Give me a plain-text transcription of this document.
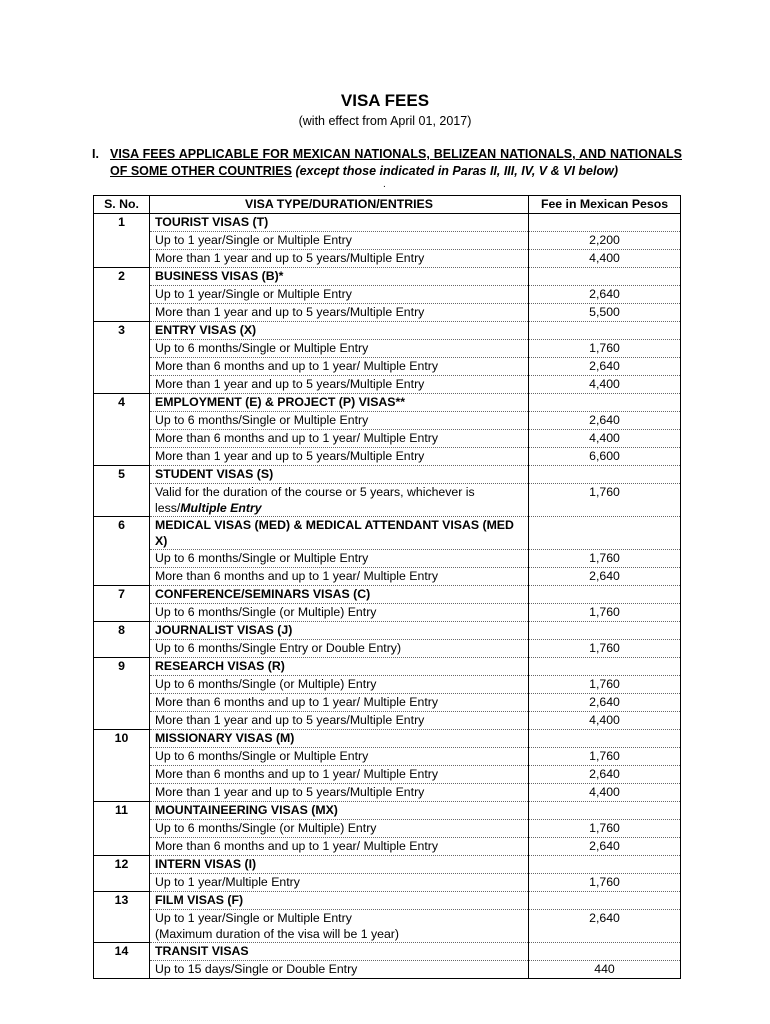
VISA FEES
(with effect from April 01, 2017)
I. VISA FEES APPLICABLE FOR MEXICAN NATIONALS, BELIZEAN NATIONALS, AND NATIONALS OF SOME OTHER COUNTRIES (except those indicated in Paras II, III, IV, V & VI below)
.
S. No.	VISA TYPE/DURATION/ENTRIES	Fee in Mexican Pesos
1	TOURIST VISAS (T)	
	Up to 1 year/Single or Multiple Entry	2,200
	More than 1 year and up to 5 years/Multiple Entry	4,400
2	BUSINESS VISAS (B)*	
	Up to 1 year/Single or Multiple Entry	2,640
	More than 1 year and up to 5 years/Multiple Entry	5,500
3	ENTRY VISAS (X)	
	Up to 6 months/Single or Multiple Entry	1,760
	More than 6 months and up to 1 year/ Multiple Entry	2,640
	More than 1 year and up to 5 years/Multiple Entry	4,400
4	EMPLOYMENT (E) & PROJECT (P) VISAS**	
	Up to 6 months/Single or Multiple Entry	2,640
	More than 6 months and up to 1 year/ Multiple Entry	4,400
	More than 1 year and up to 5 years/Multiple Entry	6,600
5	STUDENT VISAS (S)	

	Valid for the duration of the course or 5 years, whichever is
less/Multiple Entry	1,760
6	MEDICAL VISAS (MED) & MEDICAL ATTENDANT VISAS (MED X)	
	Up to 6 months/Single or Multiple Entry	1,760
	More than 6 months and up to 1 year/ Multiple Entry	2,640
7	CONFERENCE/SEMINARS VISAS (C)	
	Up to 6 months/Single (or Multiple) Entry	1,760
8	JOURNALIST VISAS (J)	
	Up to 6 months/Single Entry or Double Entry)	1,760
9	RESEARCH VISAS (R)	
	Up to 6 months/Single (or Multiple) Entry	1,760
	More than 6 months and up to 1 year/ Multiple Entry	2,640
	More than 1 year and up to 5 years/Multiple Entry	4,400
10	MISSIONARY VISAS (M)	
	Up to 6 months/Single or Multiple Entry	1,760
	More than 6 months and up to 1 year/ Multiple Entry	2,640
	More than 1 year and up to 5 years/Multiple Entry	4,400
11	MOUNTAINEERING VISAS (MX)	
	Up to 6 months/Single (or Multiple) Entry	1,760
	More than 6 months and up to 1 year/ Multiple Entry	2,640
12	INTERN VISAS (I)	
	Up to 1 year/Multiple Entry	1,760
13	FILM VISAS (F)	

	Up to 1 year/Single or Multiple Entry
(Maximum duration of the visa will be 1 year)	2,640
14	TRANSIT VISAS	
	Up to 15 days/Single or Double Entry	440
